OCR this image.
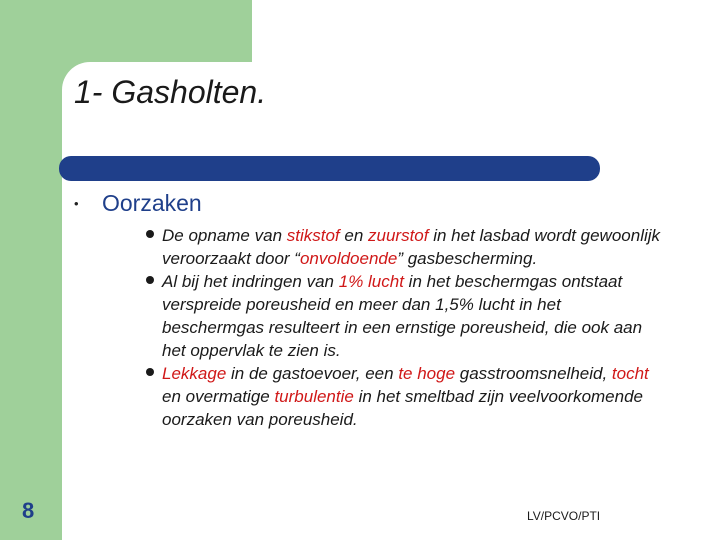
1- Gasholten.
• Oorzaken
De opname van stikstof en zuurstof in het lasbad wordt gewoonlijk veroorzaakt door “onvoldoende” gasbescherming.
Al bij het indringen van 1% lucht in het beschermgas ontstaat verspreide poreusheid en meer dan 1,5% lucht in het beschermgas resulteert in een ernstige poreusheid, die ook aan het oppervlak te zien is.
Lekkage in de gastoevoer, een te hoge gasstroomsnelheid, tocht en overmatige turbulentie in het smeltbad zijn veelvoorkomende oorzaken van poreusheid.
8	LV/PCVO/PTI
